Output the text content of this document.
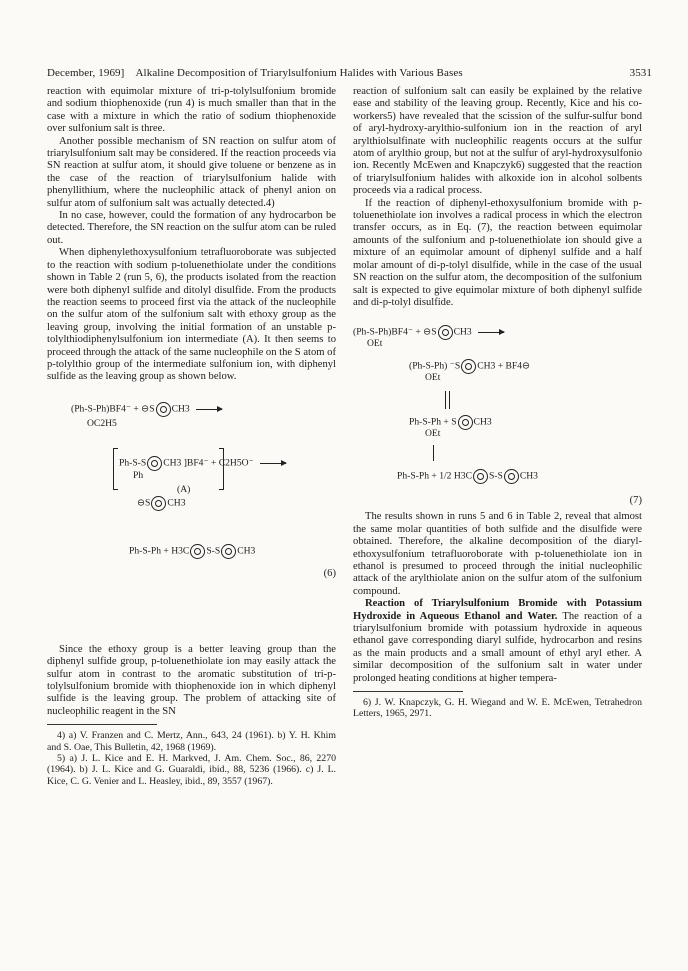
December, 1969] Alkaline Decomposition of Triarylsulfonium Halides with Various Bases	3531

reaction with equimolar mixture of tri-p-tolylsulfonium bromide and sodium thiophenoxide (run 4) is much smaller than that in the case with a mixture in which the ratio of sodium thiophenoxide over sulfonium salt is three.

Another possible mechanism of SN reaction on sulfur atom of triarylsulfonium salt may be considered. If the reaction proceeds via SN reaction at sulfur atom, it should give toluene or benzene as in the case of the reaction of triarylsulfonium halide with phenyllithium, where the nucleophilic attack of phenyl anion on sulfur atom of sulfonium salt was actually detected.4)

In no case, however, could the formation of any hydrocarbon be detected. Therefore, the SN reaction on the sulfur atom can be ruled out.

When diphenylethoxysulfonium tetrafluoroborate was subjected to the reaction with sodium p-toluenethiolate under the conditions shown in Table 2 (run 5, 6), the products isolated from the reaction were both diphenyl sulfide and ditolyl disulfide. From the products the reaction seems to proceed first via the attack of the nucleophile on the sulfur atom of the sulfonium salt with ethoxy group as the leaving group, involving the initial formation of an unstable p-tolylthiodiphenylsulfonium ion intermediate (A). It then seems to proceed through the attack of the same nucleophile on the S atom of p-tolylthio group of the intermediate sulfonium ion, with diphenyl sulfide as the leaving group as shown below.

(Ph-S-Ph)BF4⁻ + ⊖S CH3 →
OC2H5
Ph-S-S CH3 ]BF4⁻ + C2H5O⁻ →
Ph
(A)
⊖S CH3
Ph-S-Ph + H3C S-S CH3
(6)

Since the ethoxy group is a better leaving group than the diphenyl sulfide group, p-toluenethiolate ion may easily attack the sulfur atom in contrast to the aromatic substitution of tri-p-tolylsulfonium bromide with thiophenoxide ion in which diphenyl sulfide is the leaving group. The problem of attacking site of nucleophilic reagent in the SN

4) a) V. Franzen and C. Mertz, Ann., 643, 24 (1961). b) Y. H. Khim and S. Oae, This Bulletin, 42, 1968 (1969).

5) a) J. L. Kice and E. H. Markved, J. Am. Chem. Soc., 86, 2270 (1964). b) J. L. Kice and G. Guaraldi, ibid., 88, 5236 (1966). c) J. L. Kice, C. G. Venier and L. Heasley, ibid., 89, 3557 (1967).

reaction of sulfonium salt can easily be explained by the relative ease and stability of the leaving group. Recently, Kice and his co-workers5) have revealed that the scission of the sulfur-sulfur bond of aryl-hydroxy-arylthio-sulfonium ion in the reaction of aryl arylthiolsulfinate with nucleophilic reagents occurs at the sulfur atom of arylthio group, but not at the sulfur of aryl-hydroxysulfonio ion. Recently McEwen and Knapczyk6) suggested that the reaction of triarylsulfonium halides with alkoxide ion in alcohol solbents proceeds via a radical process.

If the reaction of diphenyl-ethoxysulfonium bromide with p-toluenethiolate ion involves a radical process in which the electron transfer occurs, as in Eq. (7), the reaction between equimolar amounts of the sulfonium and p-toluenethiolate ion should give a mixture of an equimolar amount of diphenyl sulfide and a half molar amount of di-p-tolyl disulfide, while in the case of the usual SN reaction on the sulfur atom, the decomposition of the sulfonium salt is expected to give equimolar mixture of both diphenyl sulfide and di-p-tolyl disulfide.

(Ph-S-Ph)BF4⁻ + ⊖S CH3 →
OEt
(Ph-S-Ph) ⁻S CH3 + BF4⊖
OEt
Ph-S-Ph + S CH3
OEt
Ph-S-Ph + 1/2 H3C S-S CH3
(7)

The results shown in runs 5 and 6 in Table 2, reveal that almost the same molar quantities of both sulfide and the disulfide were obtained. Therefore, the alkaline decomposition of the diaryl-ethoxysulfonium tetrafluoroborate with p-toluenethiolate ion in ethanol is presumed to proceed through the initial nucleophilic attack of the arylthiolate anion on the sulfur atom of the sulfonium compound.

Reaction of Triarylsulfonium Bromide with Potassium Hydroxide in Aqueous Ethanol and Water. The reaction of a triarylsulfonium bromide with potassium hydroxide in aqueous ethanol gave corresponding diaryl sulfide, hydrocarbon and resins as the main products and a small amount of ethyl aryl ether. A similar decomposition of the sulfonium salt in water under prolonged heating conditions at higher tempera-

6) J. W. Knapczyk, G. H. Wiegand and W. E. McEwen, Tetrahedron Letters, 1965, 2971.
